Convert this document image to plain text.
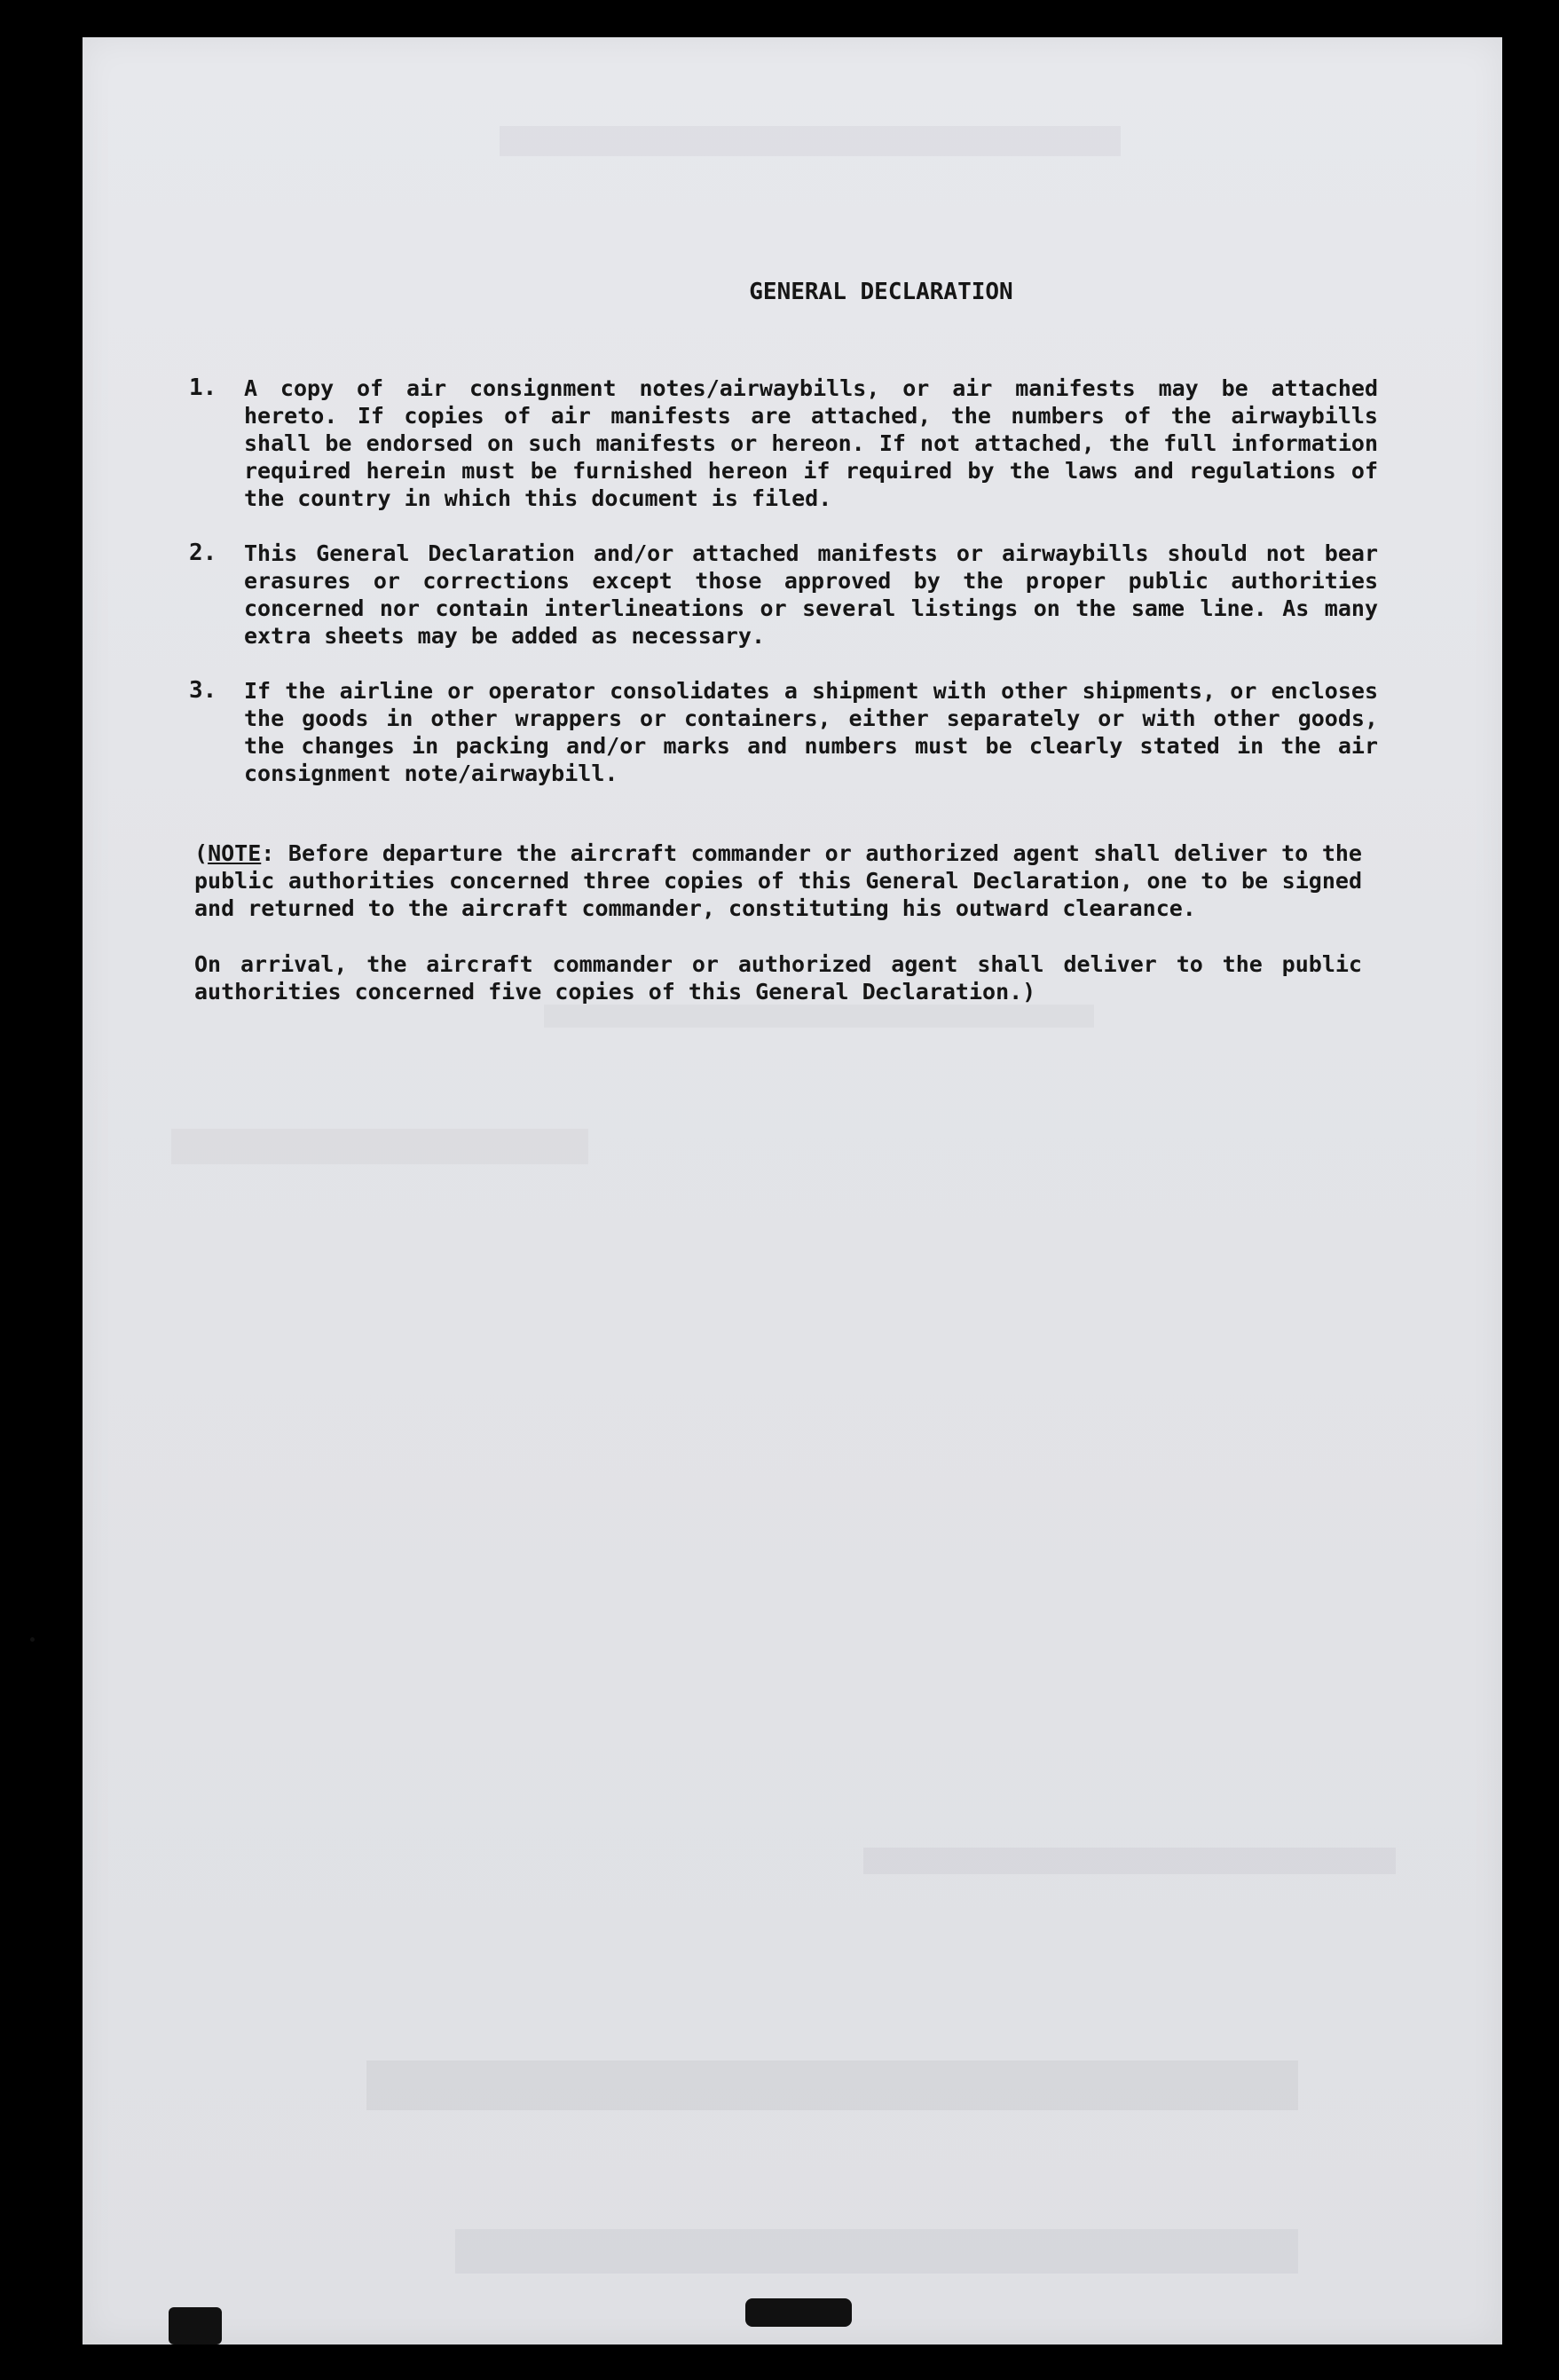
GENERAL DECLARATION
1. A copy of air consignment notes/airwaybills, or air manifests may be attached hereto. If copies of air manifests are attached, the numbers of the airwaybills shall be endorsed on such manifests or hereon. If not attached, the full information required herein must be furnished hereon if required by the laws and regulations of the country in which this document is filed.

2. This General Declaration and/or attached manifests or airwaybills should not bear erasures or corrections except those approved by the proper public authorities concerned nor contain interlineations or several listings on the same line. As many extra sheets may be added as necessary.

3. If the airline or operator consolidates a shipment with other shipments, or encloses the goods in other wrappers or containers, either separately or with other goods, the changes in packing and/or marks and numbers must be clearly stated in the air consignment note/airwaybill.

(NOTE: Before departure the aircraft commander or authorized agent shall deliver to the public authorities concerned three copies of this General Declaration, one to be signed and returned to the aircraft commander, constituting his outward clearance.

On arrival, the aircraft commander or authorized agent shall deliver to the public authorities concerned five copies of this General Declaration.)
